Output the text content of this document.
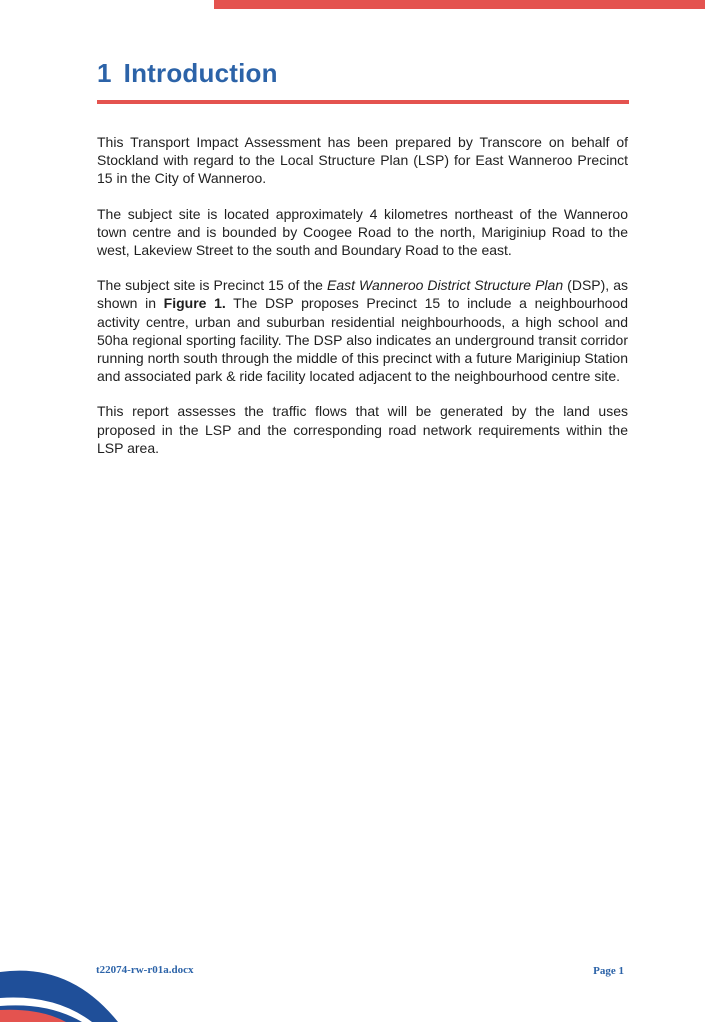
1 Introduction

This Transport Impact Assessment has been prepared by Transcore on behalf of Stockland with regard to the Local Structure Plan (LSP) for East Wanneroo Precinct 15 in the City of Wanneroo.

The subject site is located approximately 4 kilometres northeast of the Wanneroo town centre and is bounded by Coogee Road to the north, Mariginiup Road to the west, Lakeview Street to the south and Boundary Road to the east.

The subject site is Precinct 15 of the East Wanneroo District Structure Plan (DSP), as shown in Figure 1. The DSP proposes Precinct 15 to include a neighbourhood activity centre, urban and suburban residential neighbourhoods, a high school and 50ha regional sporting facility. The DSP also indicates an underground transit corridor running north south through the middle of this precinct with a future Mariginiup Station and associated park & ride facility located adjacent to the neighbourhood centre site.

This report assesses the traffic flows that will be generated by the land uses proposed in the LSP and the corresponding road network requirements within the LSP area.

t22074-rw-r01a.docx	Page 1
